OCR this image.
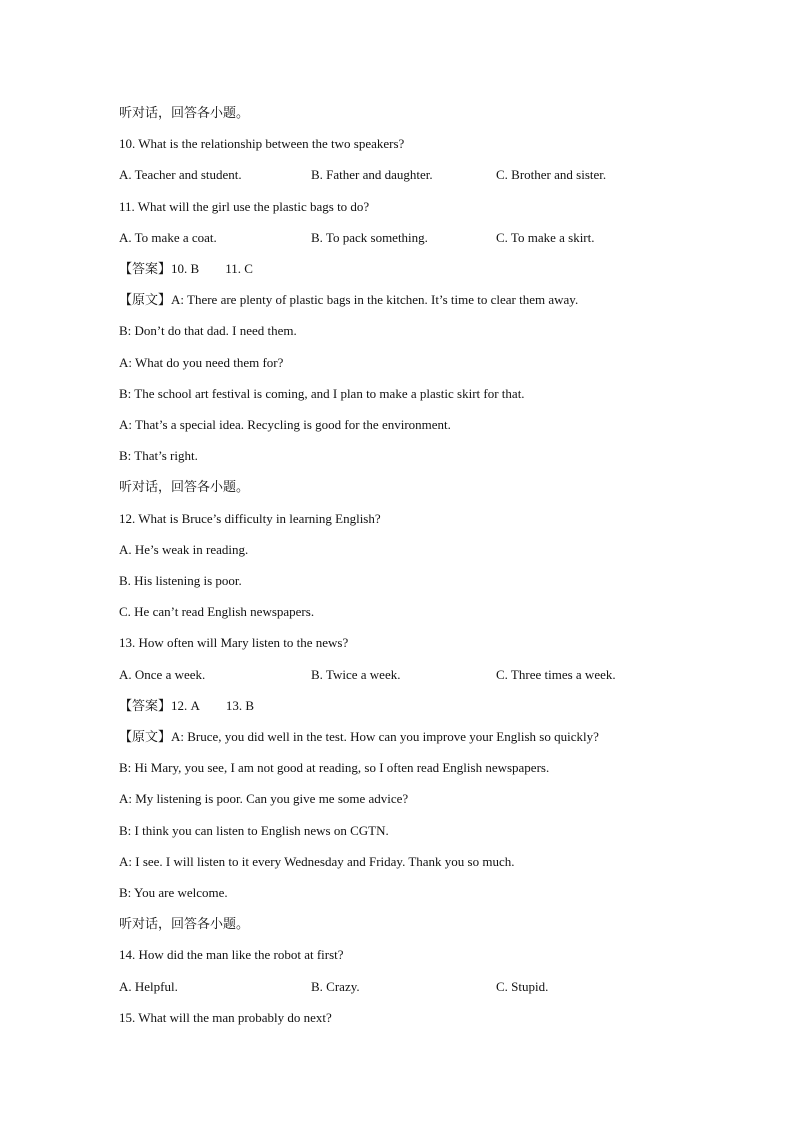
听对话，回答各小题。
10. What is the relationship between the two speakers?
A. Teacher and student.	B. Father and daughter.	C. Brother and sister.
11. What will the girl use the plastic bags to do?
A. To make a coat.	B. To pack something.	C. To make a skirt.
【答案】10. B 11. C
【原文】A: There are plenty of plastic bags in the kitchen. It’s time to clear them away.
B: Don’t do that dad. I need them.
A: What do you need them for?
B: The school art festival is coming, and I plan to make a plastic skirt for that.
A: That’s a special idea. Recycling is good for the environment.
B: That’s right.
听对话，回答各小题。
12. What is Bruce’s difficulty in learning English?
A. He’s weak in reading.
B. His listening is poor.
C. He can’t read English newspapers.
13. How often will Mary listen to the news?
A. Once a week.	B. Twice a week.	C. Three times a week.
【答案】12. A 13. B
【原文】A: Bruce, you did well in the test. How can you improve your English so quickly?
B: Hi Mary, you see, I am not good at reading, so I often read English newspapers.
A: My listening is poor. Can you give me some advice?
B: I think you can listen to English news on CGTN.
A: I see. I will listen to it every Wednesday and Friday. Thank you so much.
B: You are welcome.
听对话，回答各小题。
14. How did the man like the robot at first?
A. Helpful.	B. Crazy.	C. Stupid.
15. What will the man probably do next?
